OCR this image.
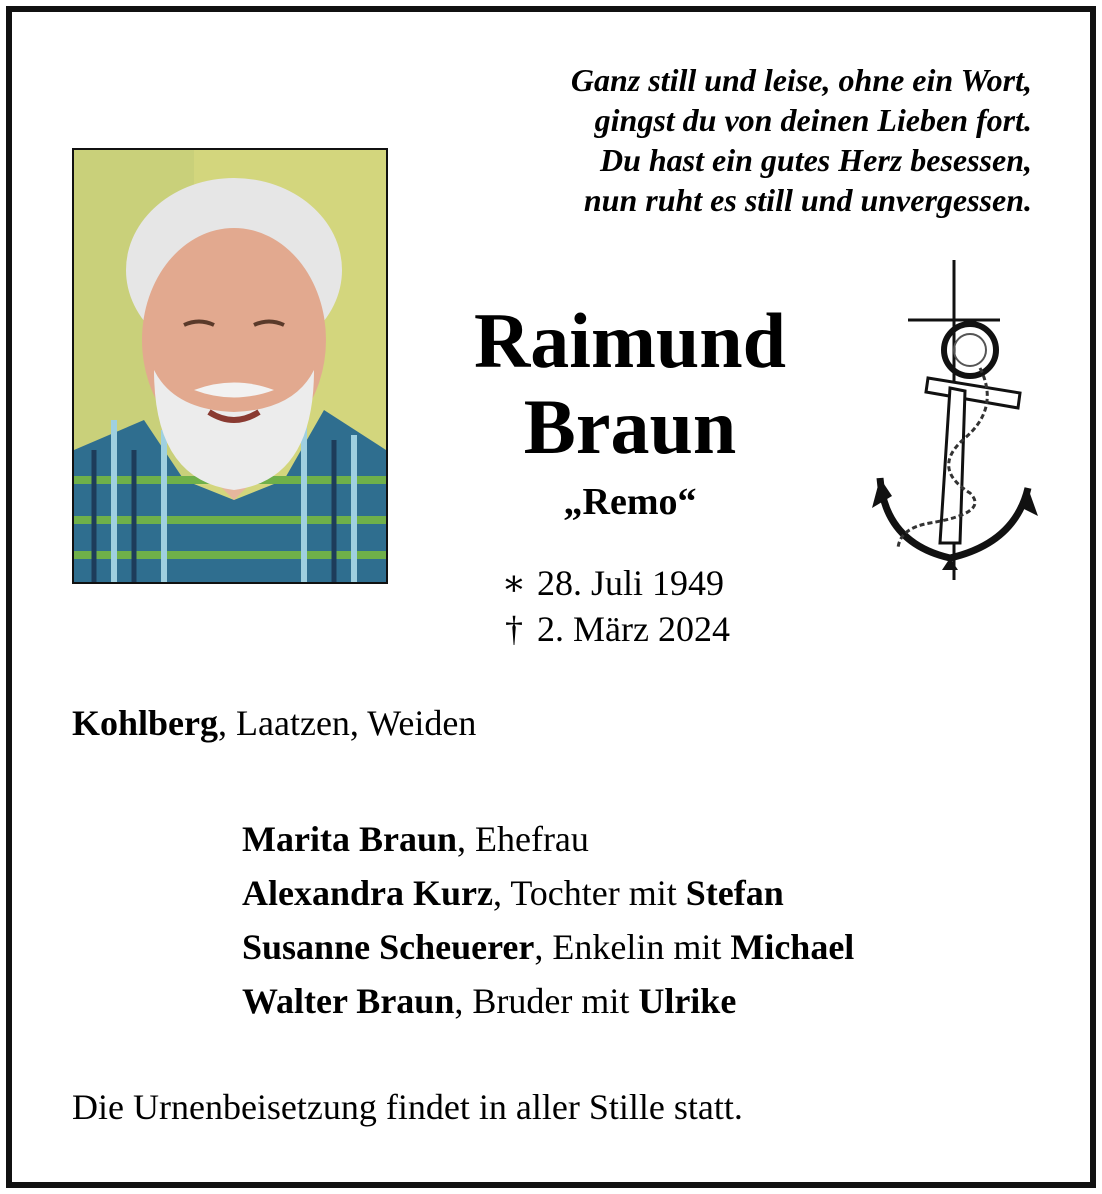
Ganz still und leise, ohne ein Wort,
gingst du von deinen Lieben fort.
Du hast ein gutes Herz besessen,
nun ruht es still und unvergessen.
Raimund
Braun
„Remo“
∗ 28. Juli 1949
† 2. März 2024
Kohlberg, Laatzen, Weiden
Marita Braun, Ehefrau
Alexandra Kurz, Tochter mit Stefan
Susanne Scheuerer, Enkelin mit Michael
Walter Braun, Bruder mit Ulrike
Die Urnenbeisetzung findet in aller Stille statt.
